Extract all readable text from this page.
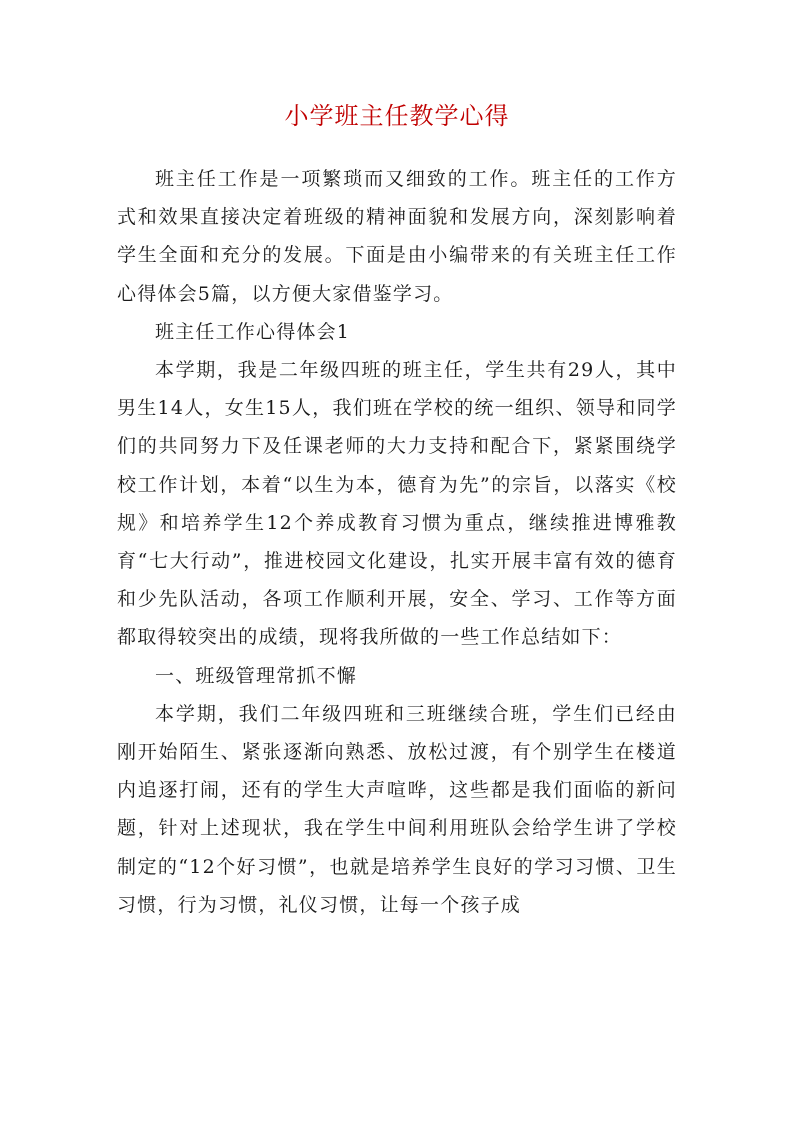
小学班主任教学心得

班主任工作是一项繁琐而又细致的工作。班主任的工作方式和效果直接决定着班级的精神面貌和发展方向，深刻影响着学生全面和充分的发展。下面是由小编带来的有关班主任工作心得体会5篇，以方便大家借鉴学习。

班主任工作心得体会1

本学期，我是二年级四班的班主任，学生共有29人，其中男生14人，女生15人，我们班在学校的统一组织、领导和同学们的共同努力下及任课老师的大力支持和配合下，紧紧围绕学校工作计划，本着“以生为本，德育为先”的宗旨，以落实《校规》和培养学生12个养成教育习惯为重点，继续推进博雅教育“七大行动”，推进校园文化建设，扎实开展丰富有效的德育和少先队活动，各项工作顺利开展，安全、学习、工作等方面都取得较突出的成绩，现将我所做的一些工作总结如下：

一、班级管理常抓不懈

本学期，我们二年级四班和三班继续合班，学生们已经由刚开始陌生、紧张逐渐向熟悉、放松过渡，有个别学生在楼道内追逐打闹，还有的学生大声喧哗，这些都是我们面临的新问题，针对上述现状，我在学生中间利用班队会给学生讲了学校制定的“12个好习惯”，也就是培养学生良好的学习习惯、卫生习惯，行为习惯，礼仪习惯，让每一个孩子成
